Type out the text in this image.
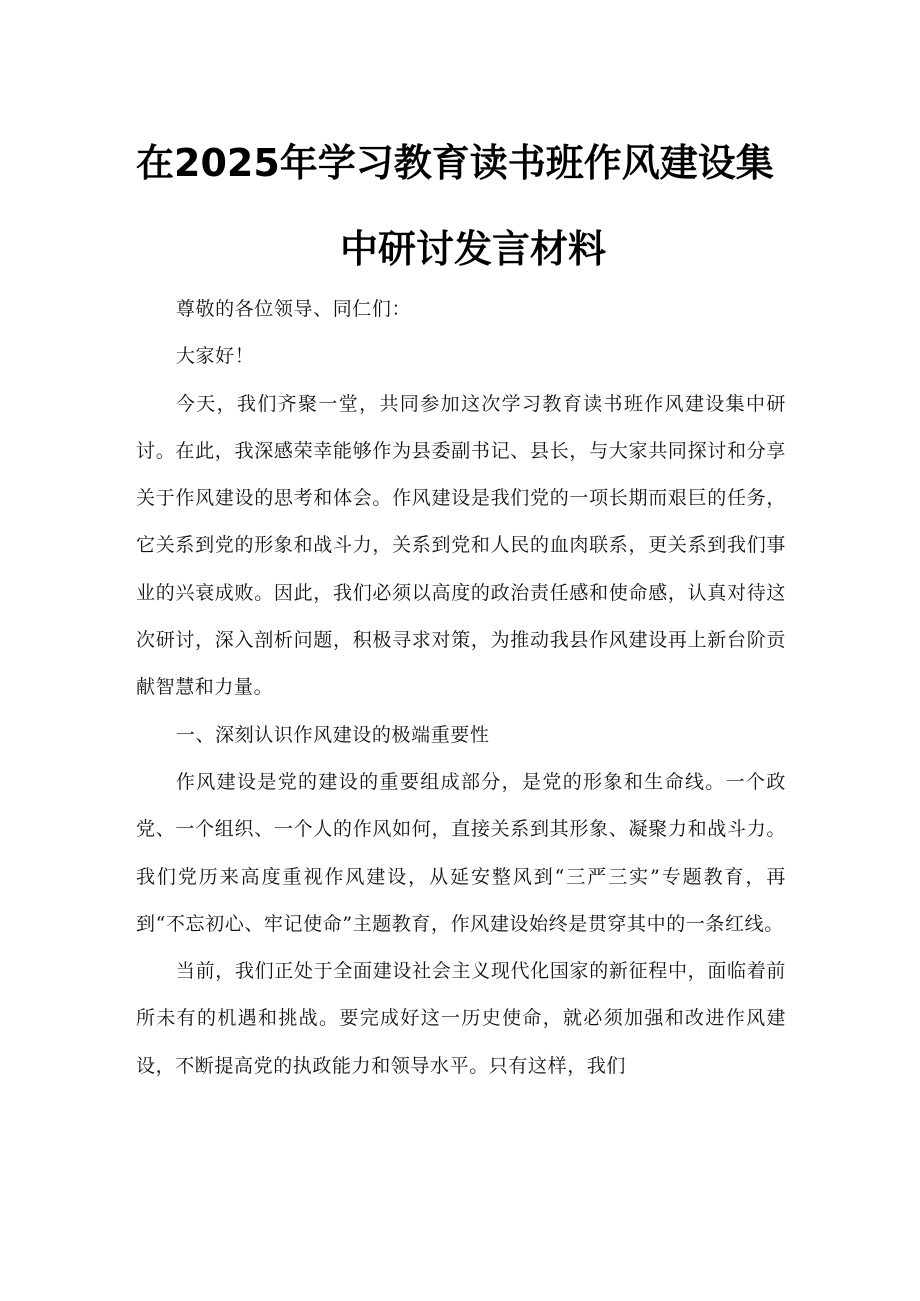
在2025年学习教育读书班作风建设集
中研讨发言材料

尊敬的各位领导、同仁们：

大家好！

今天，我们齐聚一堂，共同参加这次学习教育读书班作风建设集中研讨。在此，我深感荣幸能够作为县委副书记、县长，与大家共同探讨和分享关于作风建设的思考和体会。作风建设是我们党的一项长期而艰巨的任务，它关系到党的形象和战斗力，关系到党和人民的血肉联系，更关系到我们事业的兴衰成败。因此，我们必须以高度的政治责任感和使命感，认真对待这次研讨，深入剖析问题，积极寻求对策，为推动我县作风建设再上新台阶贡献智慧和力量。

一、深刻认识作风建设的极端重要性

作风建设是党的建设的重要组成部分，是党的形象和生命线。一个政党、一个组织、一个人的作风如何，直接关系到其形象、凝聚力和战斗力。我们党历来高度重视作风建设，从延安整风到“三严三实”专题教育，再到“不忘初心、牢记使命”主题教育，作风建设始终是贯穿其中的一条红线。

当前，我们正处于全面建设社会主义现代化国家的新征程中，面临着前所未有的机遇和挑战。要完成好这一历史使命，就必须加强和改进作风建设，不断提高党的执政能力和领导水平。只有这样，我们
